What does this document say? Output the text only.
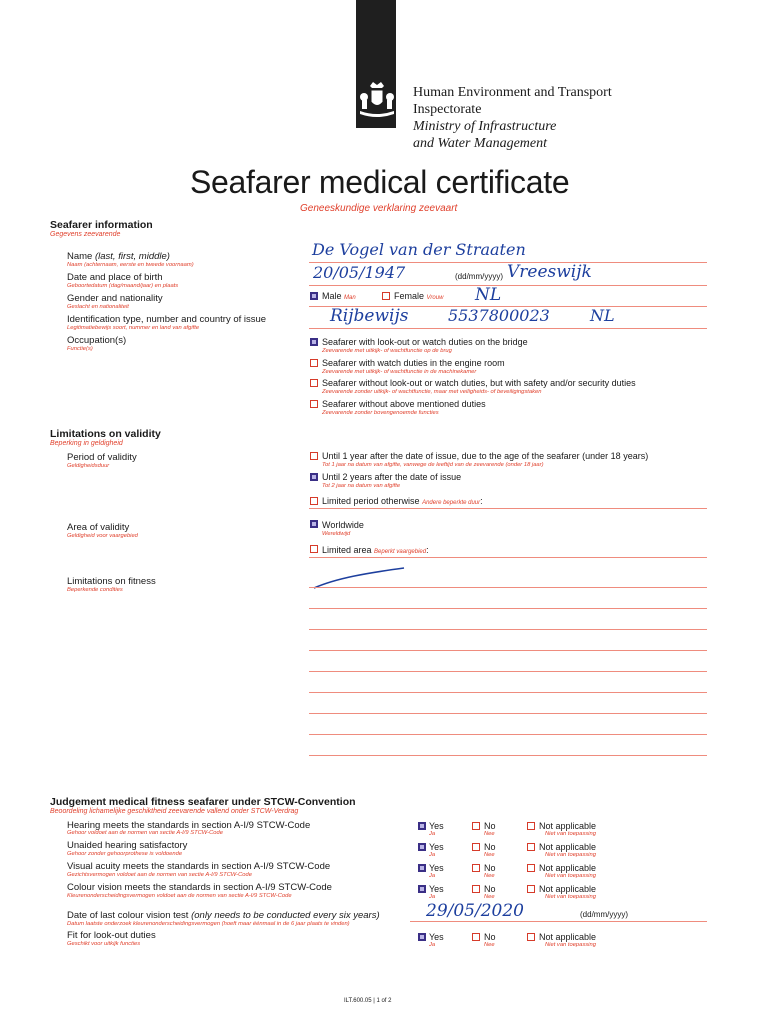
Human Environment and Transport
Inspectorate
Ministry of Infrastructure
and Water Management
Seafarer medical certificate
Geneeskundige verklaring zeevaart
Seafarer information
Gegevens zeevarende
Name (last, first, middle)
Naam (achternaam, eerste en tweede voornaam)
De Vogel van der Straaten
Date and place of birth
Geboortedatum (dag/maand/jaar) en plaats
20/05/1947	(dd/mm/yyyy) Vreeswijk
Gender and nationality
Geslacht en nationaliteit
Male Man	Female Vrouw NL
Identification type, number and country of issue
Legitimatiebewijs soort, nummer en land van afgifte
Rijbewijs 5537800023	NL
Occupation(s)
Functie(s)
Seafarer with look-out or watch duties on the bridge
Zeevarende met uitkijk- of wachtfunctie op de brug
Seafarer with watch duties in the engine room
Zeevarende met uitkijk- of wachtfunctie in de machinekamer
Seafarer without look-out or watch duties, but with safety and/or security duties
Zeevarende zonder uitkijk- of wachtfunctie, maar met veiligheids- of beveiligingstaken
Seafarer without above mentioned duties
Zeevarende zonder bovengenoemde functies
Limitations on validity
Beperking in geldigheid
Period of validity
Geldigheidsduur
Until 1 year after the date of issue, due to the age of the seafarer (under 18 years)
Tot 1 jaar na datum van afgifte, vanwege de leeftijd van de zeevarende (onder 18 jaar)
Until 2 years after the date of issue
Tot 2 jaar na datum van afgifte
Limited period otherwise Andere beperkte duur:
Area of validity
Geldigheid voor vaargebied
Worldwide
Wereldwijd
Limited area Beperkt vaargebied:
Limitations on fitness
Beperkende condities
Judgement medical fitness seafarer under STCW-Convention
Beoordeling lichamelijke geschiktheid zeevarende vallend onder STCW-Verdrag
Hearing meets the standards in section A-I/9 STCW-Code
Gehoor voldoet aan de normen van sectie A-I/9 STCW-Code
Yes
Ja
No
Nee
Not applicable
Niet van toepassing
Unaided hearing satisfactory
Gehoor zonder gehoorprothese is voldoende
Yes
Ja
No
Nee
Not applicable
Niet van toepassing
Visual acuity meets the standards in section A-I/9 STCW-Code
Gezichtsvermogen voldoet aan de normen van sectie A-I/9 STCW-Code
Yes
Ja
No
Nee
Not applicable
Niet van toepassing
Colour vision meets the standards in section A-I/9 STCW-Code
Kleurenonderscheidingsvermogen voldoet aan de normen van sectie A-I/9 STCW-Code
Yes
Ja
No
Nee
Not applicable
Niet van toepassing
Date of last colour vision test (only needs to be conducted every six years)
Datum laatste onderzoek kleurenonderscheidingsvermogen (hoeft maar éénmaal in de 6 jaar plaats te vinden)
29/05/2020	(dd/mm/yyyy)
Fit for look-out duties
Geschikt voor uitkijk functies
Yes
Ja
No
Nee
Not applicable
Niet van toepassing
ILT.600.05 | 1 of 2
